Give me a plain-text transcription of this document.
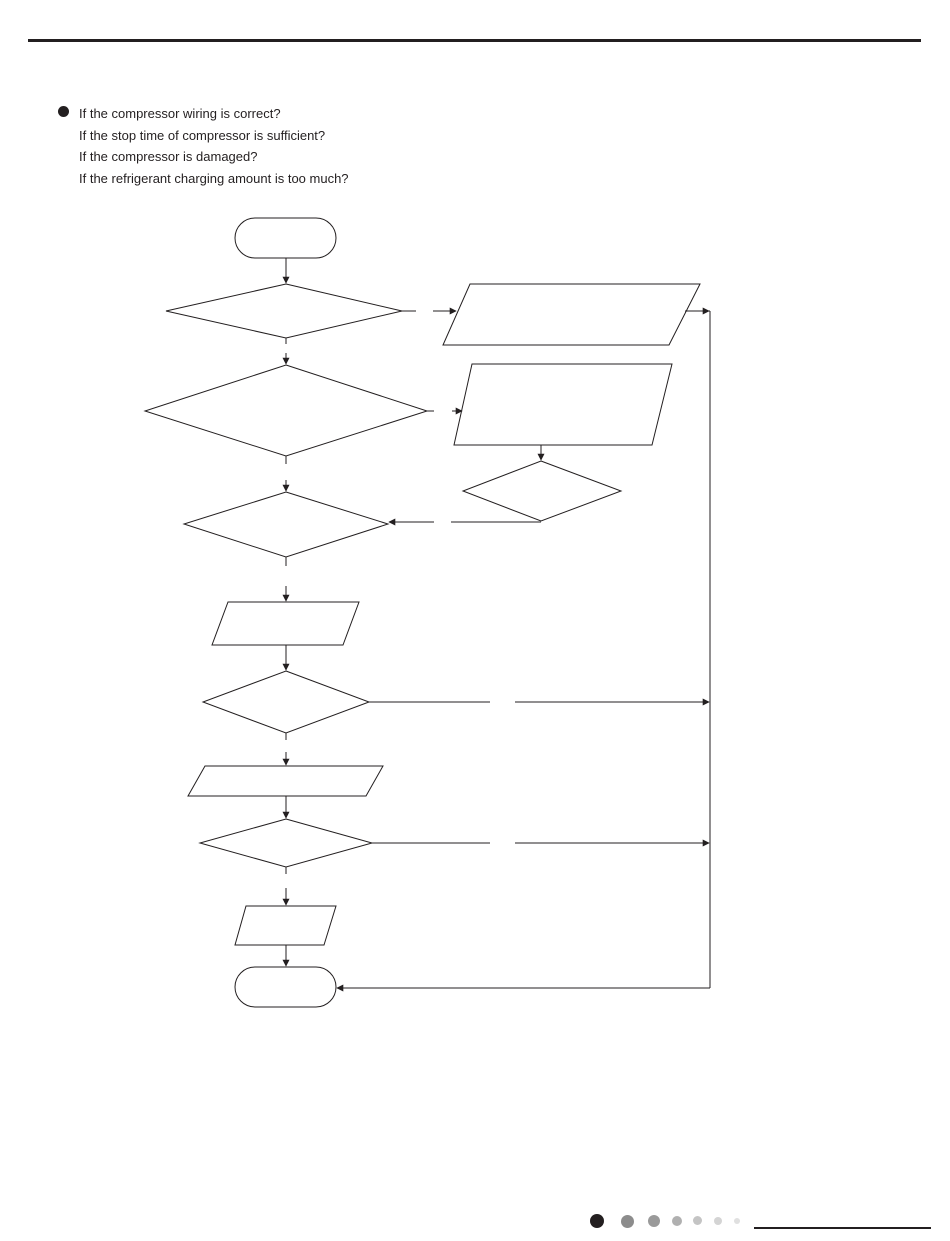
If the compressor wiring is correct?
If the stop time of compressor is sufficient?
If the compressor is damaged?
If the refrigerant charging amount is too much?
